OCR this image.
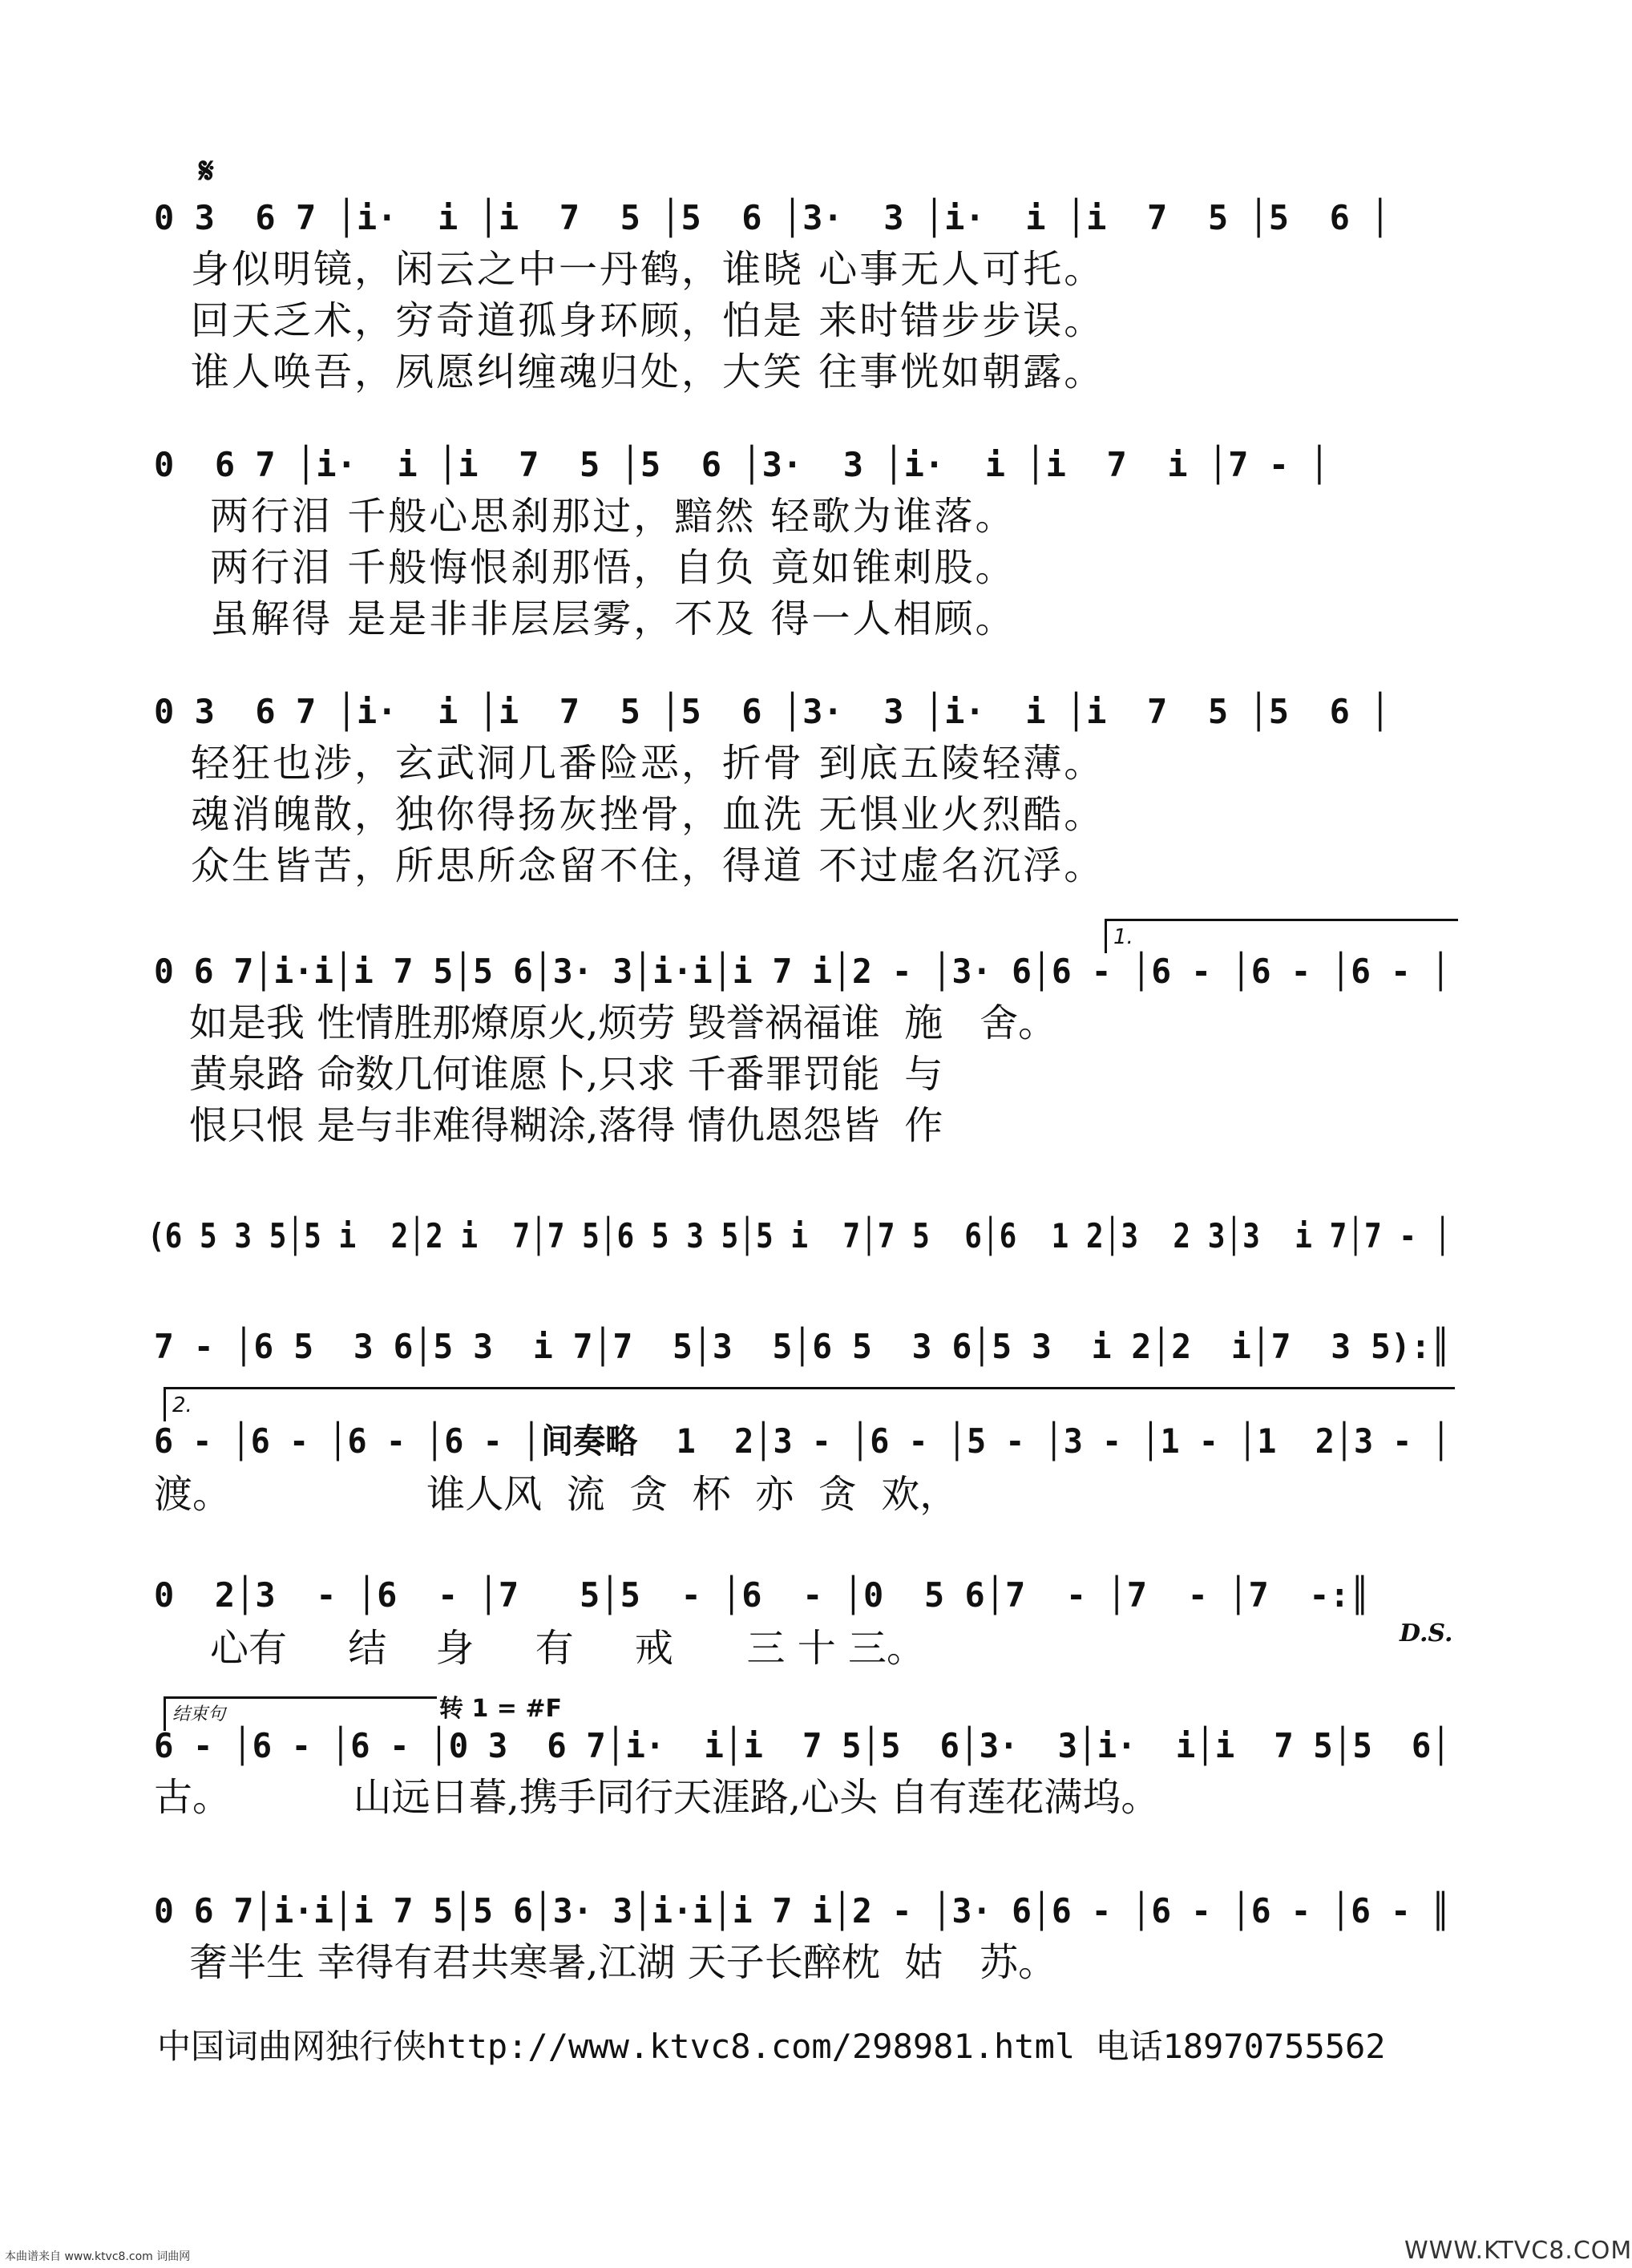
𝄋
0 3  6 7 │i·  i │i  7  5 │5  6 │3·  3 │i·  i │i  7  5 │5  6 │
身似明镜，闲云之中一丹鹤，谁晓 心事无人可托。
回天乏术，穷奇道孤身环顾，怕是 来时错步步误。
谁人唤吾，夙愿纠缠魂归处，大笑 往事恍如朝露。
0  6 7 │i·  i │i  7  5 │5  6 │3·  3 │i·  i │i  7  i │7 - │
两行泪 千般心思刹那过，黯然 轻歌为谁落。
两行泪 千般悔恨刹那悟，自负 竟如锥刺股。
虽解得 是是非非层层雾，不及 得一人相顾。
0 3  6 7 │i·  i │i  7  5 │5  6 │3·  3 │i·  i │i  7  5 │5  6 │
轻狂也涉，玄武洞几番险恶，折骨 到底五陵轻薄。
魂消魄散，独你得扬灰挫骨，血洗 无惧业火烈酷。
众生皆苦，所思所念留不住，得道 不过虚名沉浮。
1.
0 6 7│i·i│i 7 5│5 6│3· 3│i·i│i 7 i│2 - │3· 6│6 - │6 - │6 - │6 - │
如是我 性情胜那燎原火,烦劳 毁誉祸福谁  施   舍。
黄泉路 命数几何谁愿卜,只求 千番罪罚能  与
恨只恨 是与非难得糊涂,落得 情仇恩怨皆  作
(6 5 3 5│5 i  2│2 i  7│7 5│6 5 3 5│5 i  7│7 5  6│6  1 2│3  2 3│3  i 7│7 - │
7 - │6 5  3 6│5 3  i 7│7  5│3  5│6 5  3 6│5 3  i 2│2  i│7  3 5):║
2.
6 - │6 - │6 - │6 - │间奏略  1  2│3 - │6 - │5 - │3 - │1 - │1  2│3 - │
渡。                谁人风  流  贪  杯  亦  贪  欢，
0  2│3  - │6  - │7   5│5  - │6  - │0  5 6│7  - │7  - │7  -:║
D.S.
心有     结    身     有     戒      三 十 三。
结束句	转 1 = #F
6 - │6 - │6 - │0 3  6 7│i·  i│i  7 5│5  6│3·  3│i·  i│i  7 5│5  6│
古。          山远日暮,携手同行天涯路,心头 自有莲花满坞。
0 6 7│i·i│i 7 5│5 6│3· 3│i·i│i 7 i│2 - │3· 6│6 - │6 - │6 - │6 - ║
奢半生 幸得有君共寒暑,江湖 天子长醉枕  姑   苏。
中国词曲网独行侠http://www.ktvc8.com/298981.html 电话18970755562
本曲谱来自 www.ktvc8.com 词曲网	WWW.KTVC8.COM
